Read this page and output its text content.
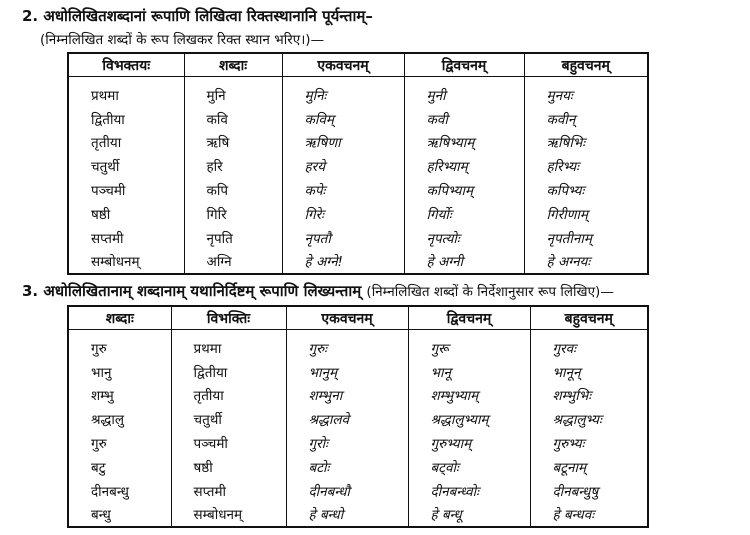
2. अधोलिखितशब्दानां रूपाणि लिखित्वा रिक्तस्थानानि पूर्यन्ताम्–
(निम्नलिखित शब्दों के रूप लिखकर रिक्त स्थान भरिए।)—
विभक्तयः	शब्दाः	एकवचनम्	द्विवचनम्	बहुवचनम्
प्रथमा	मुनि	मुनिः	मुनी	मुनयः
द्वितीया	कवि	कविम्	कवी	कवीन्
तृतीया	ऋषि	ऋषिणा	ऋषिभ्याम्	ऋषिभिः
चतुर्थी	हरि	हरये	हरिभ्याम्	हरिभ्यः
पञ्चमी	कपि	कपेः	कपिभ्याम्	कपिभ्यः
षष्ठी	गिरि	गिरेः	गिर्योः	गिरीणाम्
सप्तमी	नृपति	नृपतौ	नृपत्योः	नृपतीनाम्
सम्बोधनम्	अग्नि	हे अग्ने!	हे अग्नी	हे अग्नयः
3. अधोलिखितानाम् शब्दानाम् यथानिर्दिष्टम् रूपाणि लिख्यन्ताम् (निम्नलिखित शब्दों के निर्देशानुसार रूप लिखिए)—
शब्दाः	विभक्तिः	एकवचनम्	द्विवचनम्	बहुवचनम्
गुरु	प्रथमा	गुरुः	गुरू	गुरवः
भानु	द्वितीया	भानुम्	भानू	भानून्
शम्भु	तृतीया	शम्भुना	शम्भुभ्याम्	शम्भुभिः
श्रद्धालु	चतुर्थी	श्रद्धालवे	श्रद्धालुभ्याम्	श्रद्धालुभ्यः
गुरु	पञ्चमी	गुरोः	गुरुभ्याम्	गुरुभ्यः
बटु	षष्ठी	बटोः	बट्वोः	बटूनाम्
दीनबन्धु	सप्तमी	दीनबन्धौ	दीनबन्ध्वोः	दीनबन्धुषु
बन्धु	सम्बोधनम्	हे बन्धो	हे बन्धू	हे बन्धवः
